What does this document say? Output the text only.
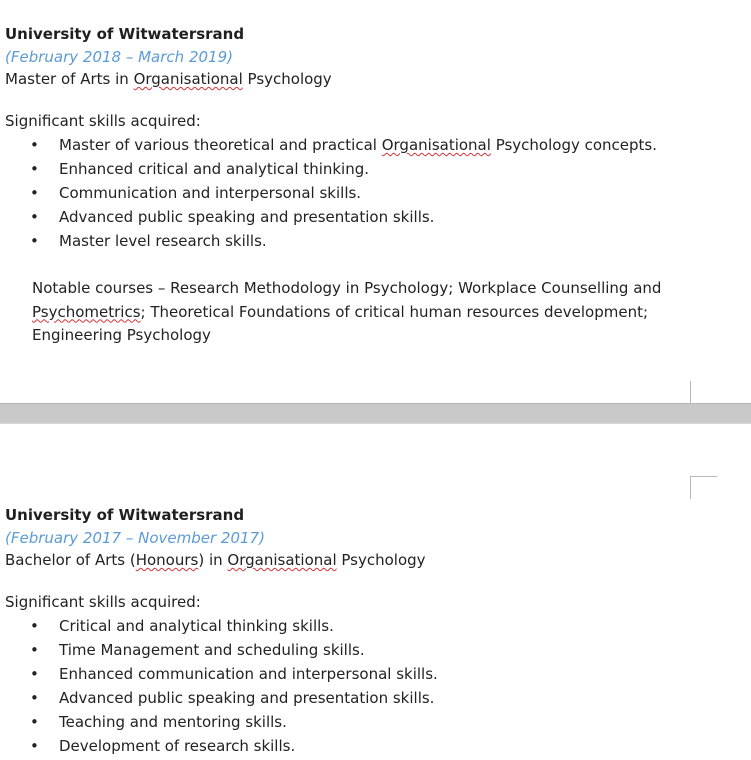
University of Witwatersrand
(February 2018 – March 2019)
Master of Arts in Organisational Psychology
Significant skills acquired:
• Master of various theoretical and practical Organisational Psychology concepts.
• Enhanced critical and analytical thinking.
• Communication and interpersonal skills.
• Advanced public speaking and presentation skills.
• Master level research skills.
Notable courses – Research Methodology in Psychology; Workplace Counselling and Psychometrics; Theoretical Foundations of critical human resources development; Engineering Psychology
University of Witwatersrand
(February 2017 – November 2017)
Bachelor of Arts (Honours) in Organisational Psychology
Significant skills acquired:
• Critical and analytical thinking skills.
• Time Management and scheduling skills.
• Enhanced communication and interpersonal skills.
• Advanced public speaking and presentation skills.
• Teaching and mentoring skills.
• Development of research skills.
